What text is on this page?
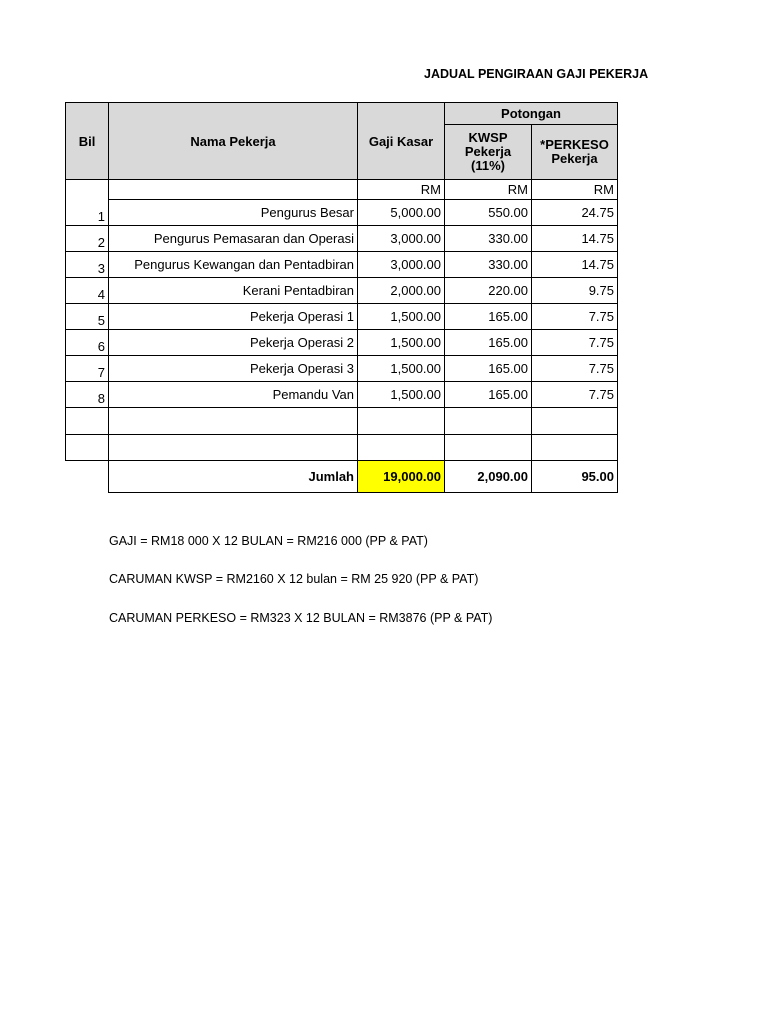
JADUAL PENGIRAAN GAJI PEKERJA
Bil	Nama Pekerja	Gaji Kasar	Potongan	
			KWSP Pekerja (11%)	*PERKESO Pekerja
		RM	RM	RM
1	Pengurus Besar	5,000.00	550.00	24.75
2	Pengurus Pemasaran dan Operasi	3,000.00	330.00	14.75
3	Pengurus Kewangan dan Pentadbiran	3,000.00	330.00	14.75
4	Kerani Pentadbiran	2,000.00	220.00	9.75
5	Pekerja Operasi 1	1,500.00	165.00	7.75
6	Pekerja Operasi 2	1,500.00	165.00	7.75
7	Pekerja Operasi 3	1,500.00	165.00	7.75
8	Pemandu Van	1,500.00	165.00	7.75

	Jumlah	19,000.00	2,090.00	95.00
GAJI = RM18 000 X 12 BULAN = RM216 000 (PP & PAT)
CARUMAN KWSP = RM2160 X 12 bulan = RM 25 920 (PP & PAT)
CARUMAN PERKESO = RM323 X 12 BULAN = RM3876 (PP & PAT)
